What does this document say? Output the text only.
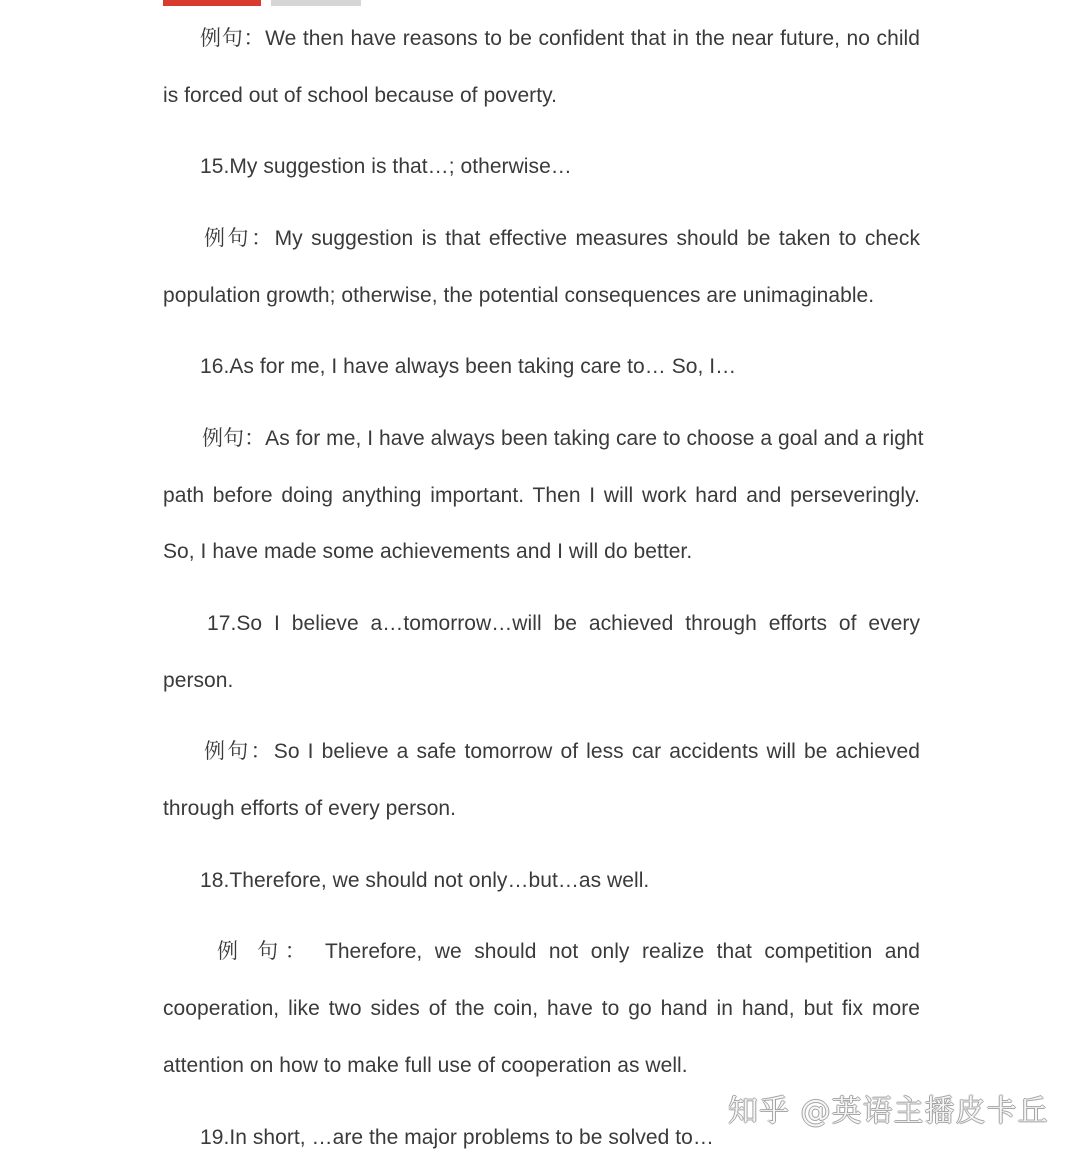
例句：We then have reasons to be confident that in the near future, no child
is forced out of school because of poverty.
15.My suggestion is that…; otherwise…
例句：My suggestion is that effective measures should be taken to check
population growth; otherwise, the potential consequences are unimaginable.
16.As for me, I have always been taking care to… So, I…
例句：As for me, I have always been taking care to choose a goal and a right
path before doing anything important. Then I will work hard and perseveringly.
So, I have made some achievements and I will do better.
17.So I believe a…tomorrow…will be achieved through efforts of every
person.
例句：So I believe a safe tomorrow of less car accidents will be achieved
through efforts of every person.
18.Therefore, we should not only…but…as well.
例 句： Therefore, we should not only realize that competition and
cooperation, like two sides of the coin, have to go hand in hand, but fix more
attention on how to make full use of cooperation as well.
19.In short, …are the major problems to be solved to…
知乎 @英语主播皮卡丘
